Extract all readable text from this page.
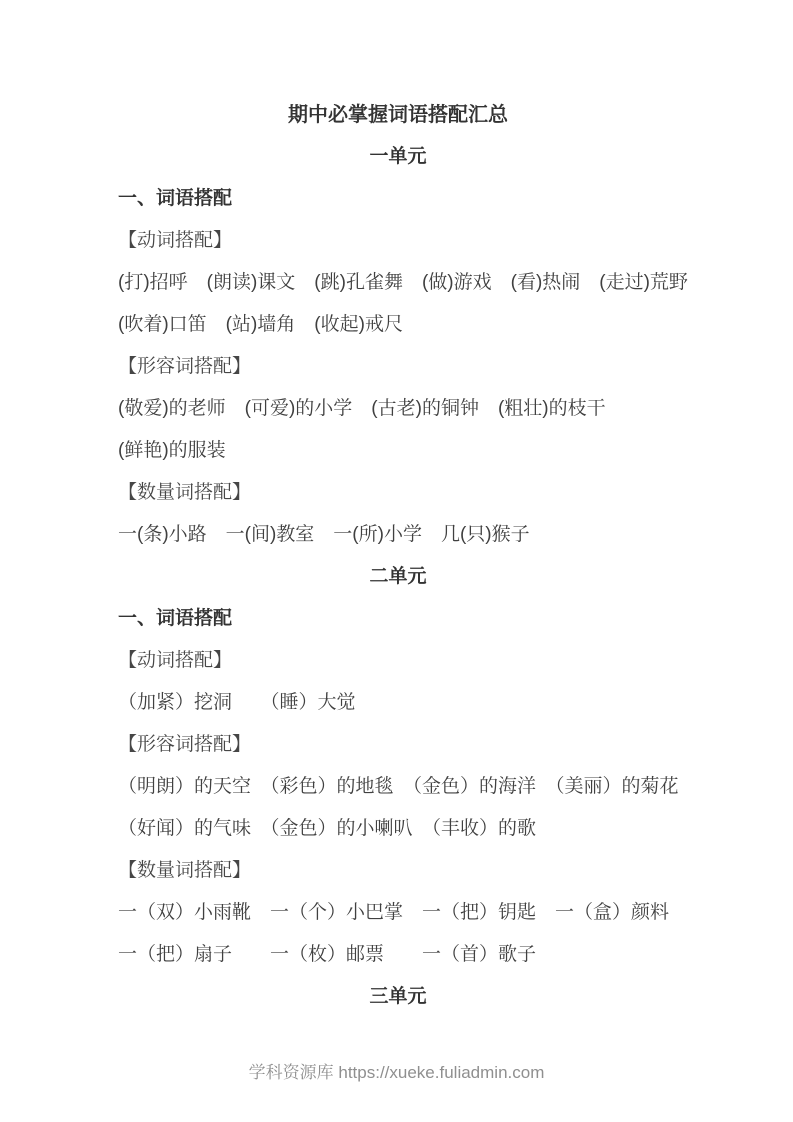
期中必掌握词语搭配汇总

一单元

一、词语搭配

【动词搭配】

(打)招呼　(朗读)课文　(跳)孔雀舞　(做)游戏　(看)热闹　(走过)荒野

(吹着)口笛　(站)墙角　(收起)戒尺

【形容词搭配】

(敬爱)的老师　(可爱)的小学　(古老)的铜钟　(粗壮)的枝干

(鲜艳)的服装

【数量词搭配】

一(条)小路　一(间)教室　一(所)小学　几(只)猴子

二单元

一、词语搭配

【动词搭配】

（加紧）挖洞　　（睡）大觉

【形容词搭配】

（明朗）的天空　（彩色）的地毯　（金色）的海洋　（美丽）的菊花

（好闻）的气味　（金色）的小喇叭　（丰收）的歌

【数量词搭配】

一（双）小雨靴　一（个）小巴掌　一（把）钥匙　一（盒）颜料

一（把）扇子　　一（枚）邮票　　一（首）歌子

三单元

学科资源库 https://xueke.fuliadmin.com
